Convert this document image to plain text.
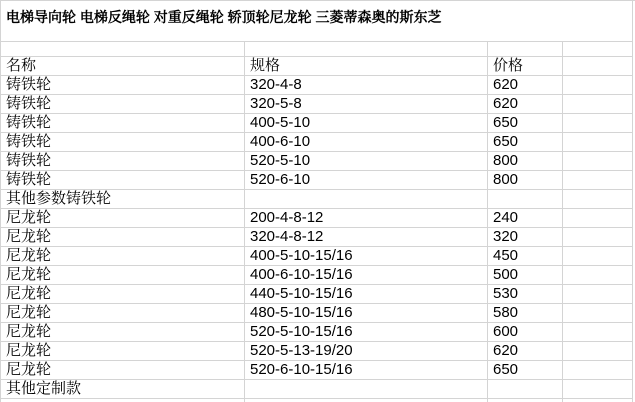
电梯导向轮 电梯反绳轮 对重反绳轮 轿顶轮尼龙轮 三菱蒂森奥的斯东芝
名称	规格	价格
铸铁轮	320-4-8	620
铸铁轮	320-5-8	620
铸铁轮	400-5-10	650
铸铁轮	400-6-10	650
铸铁轮	520-5-10	800
铸铁轮	520-6-10	800
其他参数铸铁轮
尼龙轮	200-4-8-12	240
尼龙轮	320-4-8-12	320
尼龙轮	400-5-10-15/16	450
尼龙轮	400-6-10-15/16	500
尼龙轮	440-5-10-15/16	530
尼龙轮	480-5-10-15/16	580
尼龙轮	520-5-10-15/16	600
尼龙轮	520-5-13-19/20	620
尼龙轮	520-6-10-15/16	650
其他定制款
